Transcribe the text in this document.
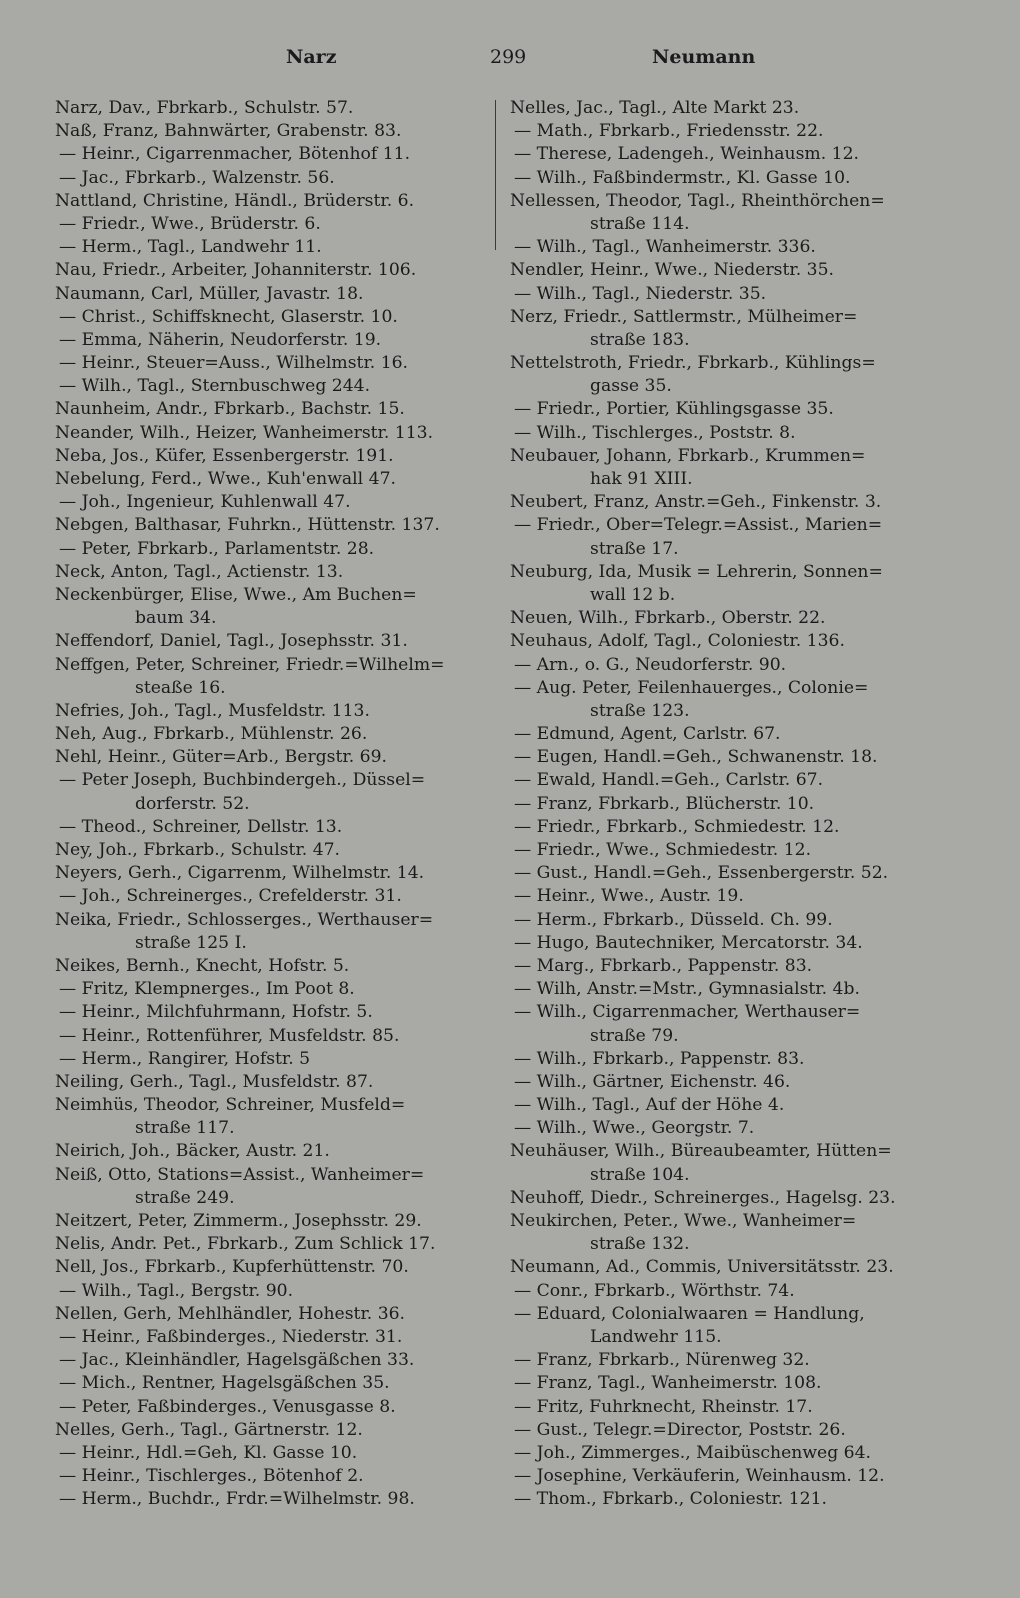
Narz	299	Neumann
Narz, Dav., Fbrkarb., Schulstr. 57.
Naß, Franz, Bahnwärter, Grabenstr. 83.
— Heinr., Cigarrenmacher, Bötenhof 11.
— Jac., Fbrkarb., Walzenstr. 56.
Nattland, Christine, Händl., Brüderstr. 6.
— Friedr., Wwe., Brüderstr. 6.
— Herm., Tagl., Landwehr 11.
Nau, Friedr., Arbeiter, Johanniterstr. 106.
Naumann, Carl, Müller, Javastr. 18.
— Christ., Schiffsknecht, Glaserstr. 10.
— Emma, Näherin, Neudorferstr. 19.
— Heinr., Steuer=Auss., Wilhelmstr. 16.
— Wilh., Tagl., Sternbuschweg 244.
Naunheim, Andr., Fbrkarb., Bachstr. 15.
Neander, Wilh., Heizer, Wanheimerstr. 113.
Neba, Jos., Küfer, Essenbergerstr. 191.
Nebelung, Ferd., Wwe., Kuh'enwall 47.
— Joh., Ingenieur, Kuhlenwall 47.
Nebgen, Balthasar, Fuhrkn., Hüttenstr. 137.
— Peter, Fbrkarb., Parlamentstr. 28.
Neck, Anton, Tagl., Actienstr. 13.
Neckenbürger, Elise, Wwe., Am Buchen=
baum 34.
Neffendorf, Daniel, Tagl., Josephsstr. 31.
Neffgen, Peter, Schreiner, Friedr.=Wilhelm=
steaße 16.
Nefries, Joh., Tagl., Musfeldstr. 113.
Neh, Aug., Fbrkarb., Mühlenstr. 26.
Nehl, Heinr., Güter=Arb., Bergstr. 69.
— Peter Joseph, Buchbindergeh., Düssel=
dorferstr. 52.
— Theod., Schreiner, Dellstr. 13.
Ney, Joh., Fbrkarb., Schulstr. 47.
Neyers, Gerh., Cigarrenm, Wilhelmstr. 14.
— Joh., Schreinerges., Crefelderstr. 31.
Neika, Friedr., Schlosserges., Werthauser=
straße 125 I.
Neikes, Bernh., Knecht, Hofstr. 5.
— Fritz, Klempnerges., Im Poot 8.
— Heinr., Milchfuhrmann, Hofstr. 5.
— Heinr., Rottenführer, Musfeldstr. 85.
— Herm., Rangirer, Hofstr. 5
Neiling, Gerh., Tagl., Musfeldstr. 87.
Neimhüs, Theodor, Schreiner, Musfeld=
straße 117.
Neirich, Joh., Bäcker, Austr. 21.
Neiß, Otto, Stations=Assist., Wanheimer=
straße 249.
Neitzert, Peter, Zimmerm., Josephsstr. 29.
Nelis, Andr. Pet., Fbrkarb., Zum Schlick 17.
Nell, Jos., Fbrkarb., Kupferhüttenstr. 70.
— Wilh., Tagl., Bergstr. 90.
Nellen, Gerh, Mehlhändler, Hohestr. 36.
— Heinr., Faßbinderges., Niederstr. 31.
— Jac., Kleinhändler, Hagelsgäßchen 33.
— Mich., Rentner, Hagelsgäßchen 35.
— Peter, Faßbinderges., Venusgasse 8.
Nelles, Gerh., Tagl., Gärtnerstr. 12.
— Heinr., Hdl.=Geh, Kl. Gasse 10.
— Heinr., Tischlerges., Bötenhof 2.
— Herm., Buchdr., Frdr.=Wilhelmstr. 98.
Nelles, Jac., Tagl., Alte Markt 23.
— Math., Fbrkarb., Friedensstr. 22.
— Therese, Ladengeh., Weinhausm. 12.
— Wilh., Faßbindermstr., Kl. Gasse 10.
Nellessen, Theodor, Tagl., Rheinthörchen=
straße 114.
— Wilh., Tagl., Wanheimerstr. 336.
Nendler, Heinr., Wwe., Niederstr. 35.
— Wilh., Tagl., Niederstr. 35.
Nerz, Friedr., Sattlermstr., Mülheimer=
straße 183.
Nettelstroth, Friedr., Fbrkarb., Kühlings=
gasse 35.
— Friedr., Portier, Kühlingsgasse 35.
— Wilh., Tischlerges., Poststr. 8.
Neubauer, Johann, Fbrkarb., Krummen=
hak 91 XIII.
Neubert, Franz, Anstr.=Geh., Finkenstr. 3.
— Friedr., Ober=Telegr.=Assist., Marien=
straße 17.
Neuburg, Ida, Musik = Lehrerin, Sonnen=
wall 12 b.
Neuen, Wilh., Fbrkarb., Oberstr. 22.
Neuhaus, Adolf, Tagl., Coloniestr. 136.
— Arn., o. G., Neudorferstr. 90.
— Aug. Peter, Feilenhauerges., Colonie=
straße 123.
— Edmund, Agent, Carlstr. 67.
— Eugen, Handl.=Geh., Schwanenstr. 18.
— Ewald, Handl.=Geh., Carlstr. 67.
— Franz, Fbrkarb., Blücherstr. 10.
— Friedr., Fbrkarb., Schmiedestr. 12.
— Friedr., Wwe., Schmiedestr. 12.
— Gust., Handl.=Geh., Essenbergerstr. 52.
— Heinr., Wwe., Austr. 19.
— Herm., Fbrkarb., Düsseld. Ch. 99.
— Hugo, Bautechniker, Mercatorstr. 34.
— Marg., Fbrkarb., Pappenstr. 83.
— Wilh, Anstr.=Mstr., Gymnasialstr. 4b.
— Wilh., Cigarrenmacher, Werthauser=
straße 79.
— Wilh., Fbrkarb., Pappenstr. 83.
— Wilh., Gärtner, Eichenstr. 46.
— Wilh., Tagl., Auf der Höhe 4.
— Wilh., Wwe., Georgstr. 7.
Neuhäuser, Wilh., Büreaubeamter, Hütten=
straße 104.
Neuhoff, Diedr., Schreinerges., Hagelsg. 23.
Neukirchen, Peter., Wwe., Wanheimer=
straße 132.
Neumann, Ad., Commis, Universitätsstr. 23.
— Conr., Fbrkarb., Wörthstr. 74.
— Eduard, Colonialwaaren = Handlung,
Landwehr 115.
— Franz, Fbrkarb., Nürenweg 32.
— Franz, Tagl., Wanheimerstr. 108.
— Fritz, Fuhrknecht, Rheinstr. 17.
— Gust., Telegr.=Director, Poststr. 26.
— Joh., Zimmerges., Maibüschenweg 64.
— Josephine, Verkäuferin, Weinhausm. 12.
— Thom., Fbrkarb., Coloniestr. 121.
